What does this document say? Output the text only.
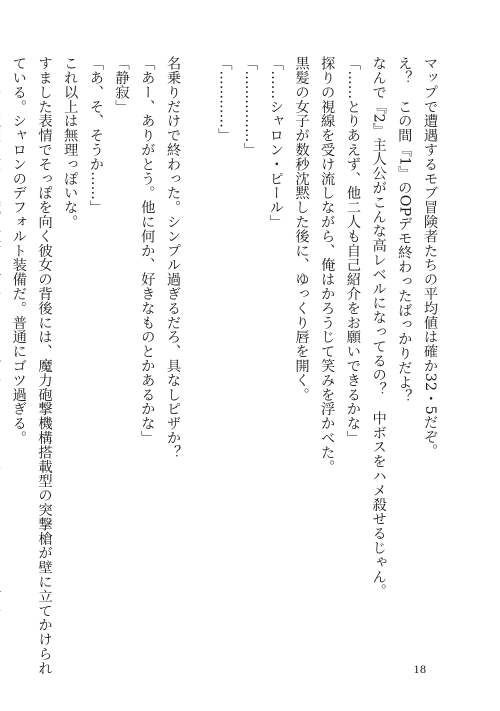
マップで遭遇するモブ冒険者たちの平均値は確か32・5だぞ。
え？　この間『1』のOPデモ終わったばっかりだよ？
なんで『2』主人公がこんな高レベルになってるの？　中ボスをハメ殺せるじゃん。
「……とりあえず、他二人も自己紹介をお願いできるかな」
探りの視線を受け流しながら、俺はかろうじて笑みを浮かべた。
黒髪の女子が数秒沈黙した後に、ゆっくり唇を開く。
「……シャロン・ピール」
「……………」
「…………」
名乗りだけで終わった。シンプル過ぎるだろ、具なしピザか？
「あー、ありがとう。他に何か、好きなものとかあるかな」
「静寂」
「あ、そ、そうか……」
これ以上は無理っぽいな。
すました表情でそっぽを向く彼女の背後には、魔力砲撃機構搭載型の突撃槍が壁に立てかけられ
ている。シャロンのデフォルト装備だ。普通にゴツ過ぎる。
18
